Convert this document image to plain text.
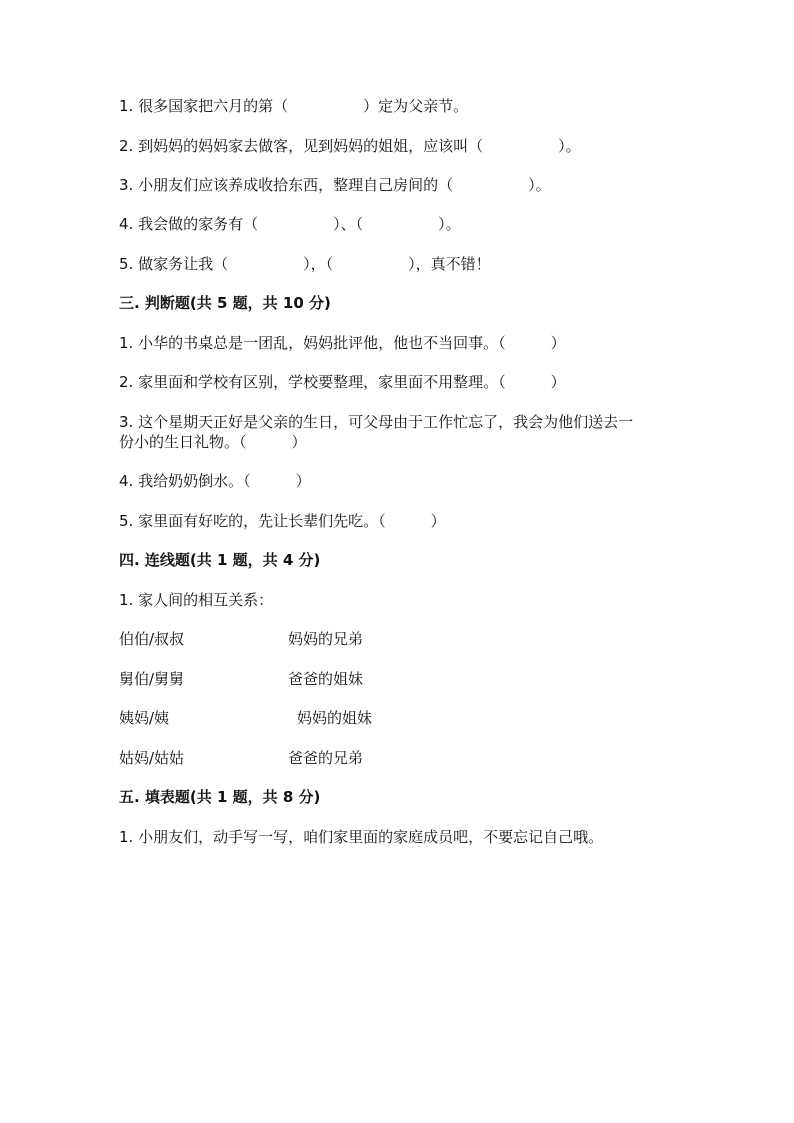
1. 很多国家把六月的第（　　　　　）定为父亲节。
2. 到妈妈的妈妈家去做客，见到妈妈的姐姐，应该叫（　　　　　）。
3. 小朋友们应该养成收拾东西，整理自己房间的（　　　　　）。
4. 我会做的家务有（　　　　　）、（　　　　　）。
5. 做家务让我（　　　　　），（　　　　　），真不错！
三. 判断题(共 5 题，共 10 分)
1. 小华的书桌总是一团乱，妈妈批评他，他也不当回事。（　　　）
2. 家里面和学校有区别，学校要整理，家里面不用整理。（　　　）
3. 这个星期天正好是父亲的生日，可父母由于工作忙忘了，我会为他们送去一
份小的生日礼物。（　　　）
4. 我给奶奶倒水。（　　　）
5. 家里面有好吃的，先让长辈们先吃。（　　　）
四. 连线题(共 1 题，共 4 分)
1. 家人间的相互关系：
伯伯/叔叔	妈妈的兄弟
舅伯/舅舅	爸爸的姐妹
姨妈/姨	妈妈的姐妹
姑妈/姑姑	爸爸的兄弟
五. 填表题(共 1 题，共 8 分)
1. 小朋友们，动手写一写，咱们家里面的家庭成员吧，不要忘记自己哦。
